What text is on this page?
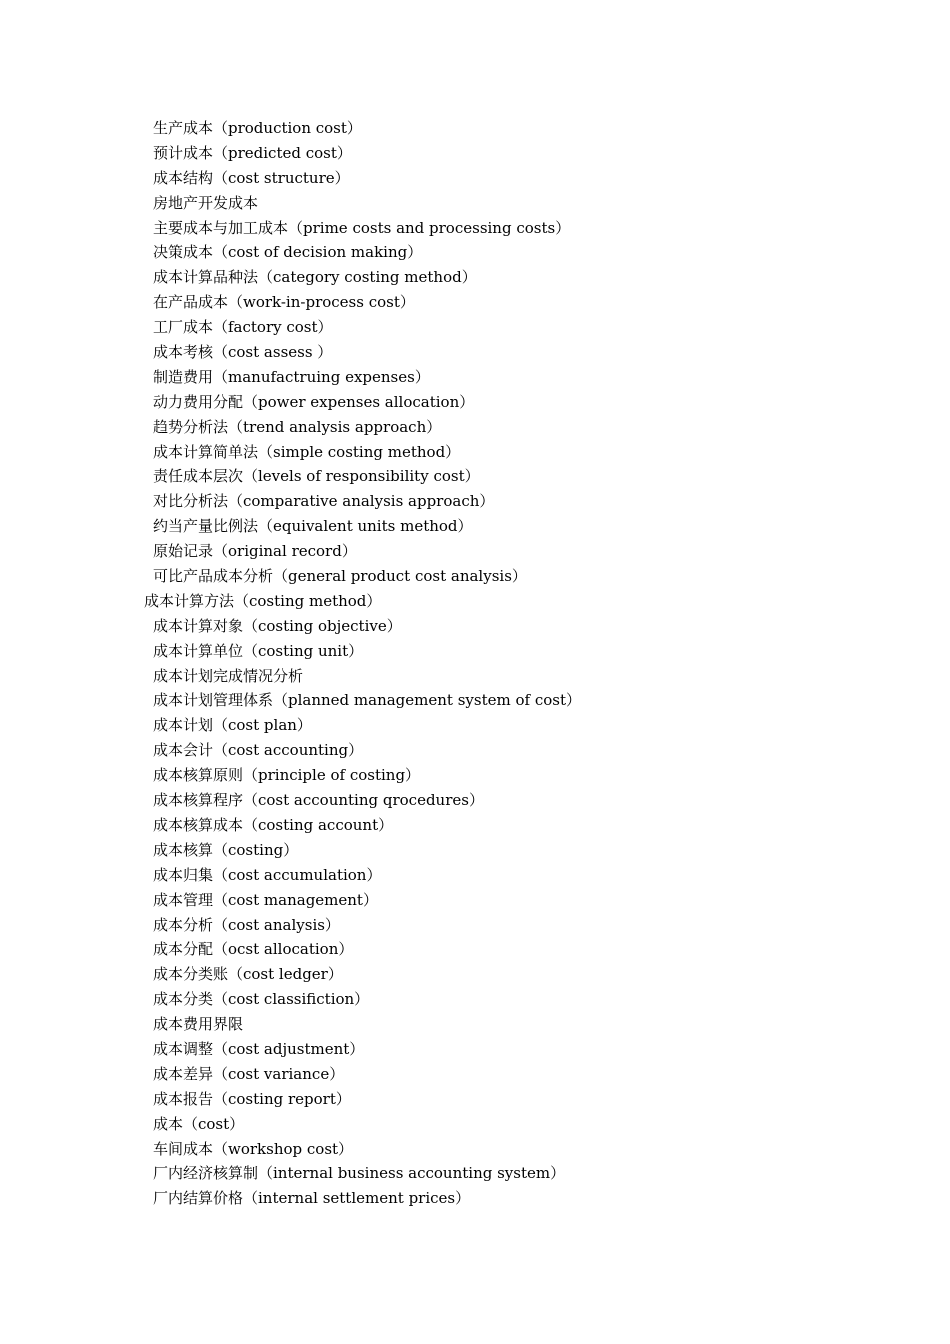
生产成本（production cost）
预计成本（predicted cost）
成本结构（cost structure）
房地产开发成本
主要成本与加工成本（prime costs and processing costs）
决策成本（cost of decision making）
成本计算品种法（category costing method）
在产品成本（work-in-process cost）
工厂成本（factory cost）
成本考核（cost assess ）
制造费用（manufactruing expenses）
动力费用分配（power expenses allocation）
趋势分析法（trend analysis approach）
成本计算简单法（simple costing method）
责任成本层次（levels of responsibility cost）
对比分析法（comparative analysis approach）
约当产量比例法（equivalent units method）
原始记录（original record）
可比产品成本分析（general product cost analysis）
成本计算方法（costing method）
成本计算对象（costing objective）
成本计算单位（costing unit）
成本计划完成情况分析
成本计划管理体系（planned management system of cost）
成本计划（cost plan）
成本会计（cost accounting）
成本核算原则（principle of costing）
成本核算程序（cost accounting qrocedures）
成本核算成本（costing account）
成本核算（costing）
成本归集（cost accumulation）
成本管理（cost management）
成本分析（cost analysis）
成本分配（ocst allocation）
成本分类账（cost ledger）
成本分类（cost classifiction）
成本费用界限
成本调整（cost adjustment）
成本差异（cost variance）
成本报告（costing report）
成本（cost）
车间成本（workshop cost）
厂内经济核算制（internal business accounting system）
厂内结算价格（internal settlement prices）
